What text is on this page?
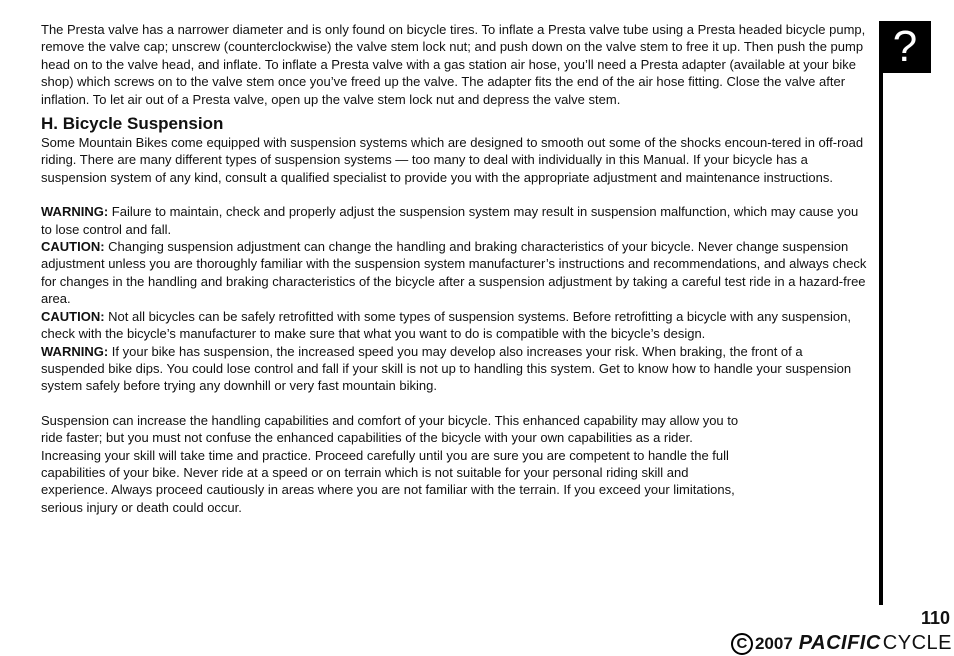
The Presta valve has a narrower diameter and is only found on bicycle tires. To inflate a Presta valve tube using a Presta headed bicycle pump, remove the valve cap; unscrew (counterclockwise) the valve stem lock nut; and push down on the valve stem to free it up. Then push the pump head on to the valve head, and inflate. To inflate a Presta valve with a gas station air hose, you’ll need a Presta adapter (available at your bike shop) which screws on to the valve stem once you’ve freed up the valve. The adapter fits the end of the air hose fitting. Close the valve after inflation. To let air out of a Presta valve, open up the valve stem lock nut and depress the valve stem.

H. Bicycle Suspension

Some Mountain Bikes come equipped with suspension systems which are designed to smooth out some of the shocks encoun-tered in off-road riding. There are many different types of suspension systems — too many to deal with individually in this Manual. If your bicycle has a suspension system of any kind, consult a qualified specialist to provide you with the appropriate adjustment and maintenance instructions.

WARNING: Failure to maintain, check and properly adjust the suspension system may result in suspension malfunction, which may cause you to lose control and fall.

CAUTION: Changing suspension adjustment can change the handling and braking characteristics of your bicycle. Never change suspension adjustment unless you are thoroughly familiar with the suspension system manufacturer’s instructions and recommendations, and always check for changes in the handling and braking characteristics of the bicycle after a suspension adjustment by taking a careful test ride in a hazard-free area.

CAUTION: Not all bicycles can be safely retrofitted with some types of suspension systems. Before retrofitting a bicycle with any suspension, check with the bicycle’s manufacturer to make sure that what you want to do is compatible with the bicycle’s design.

WARNING: If your bike has suspension, the increased speed you may develop also increases your risk. When braking, the front of a suspended bike dips. You could lose control and fall if your skill is not up to handling this system. Get to know how to handle your suspension system safely before trying any downhill or very fast mountain biking.

Suspension can increase the handling capabilities and comfort of your bicycle. This enhanced capability may allow you to ride faster; but you must not confuse the enhanced capabilities of the bicycle with your own capabilities as a rider. Increasing your skill will take time and practice. Proceed carefully until you are sure you are competent to handle the full capabilities of your bike. Never ride at a speed or on terrain which is not suitable for your personal riding skill and experience. Always proceed cautiously in areas where you are not familiar with the terrain. If you exceed your limitations, serious injury or death could occur.

?
110
C 2007 PACIFIC CYCLE
